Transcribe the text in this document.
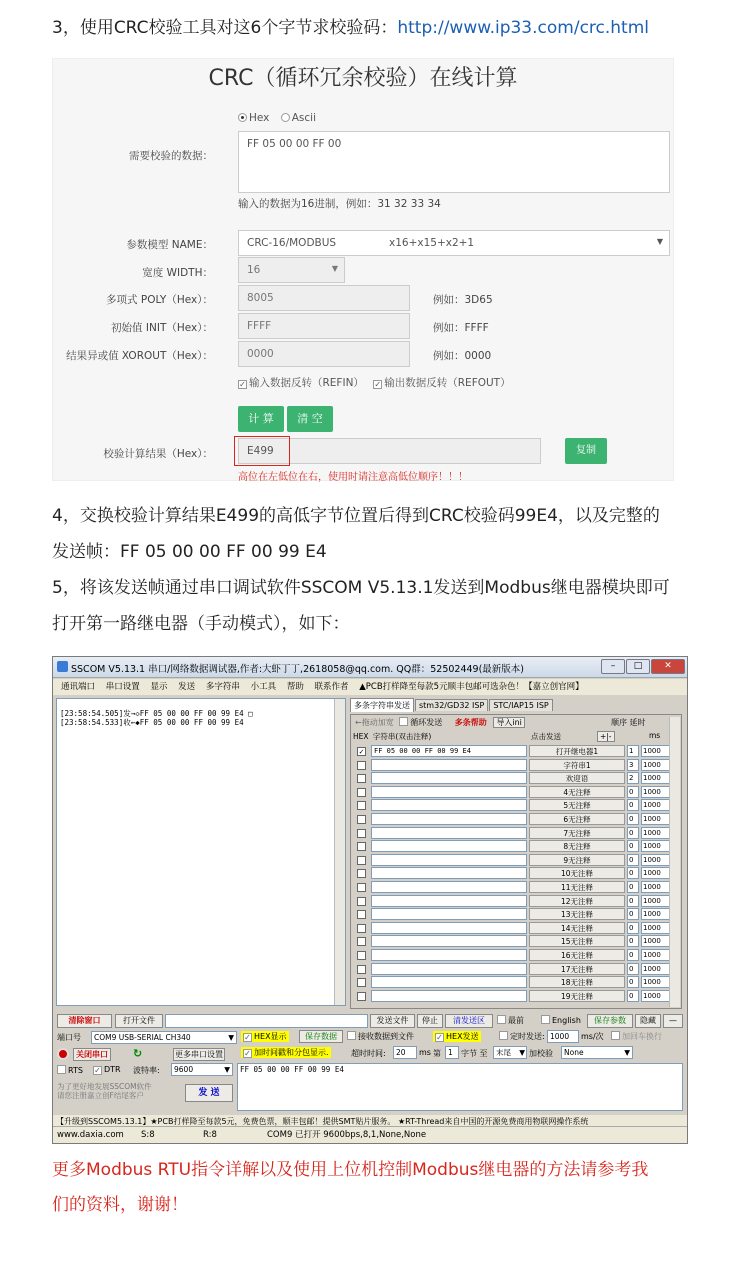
3，使用CRC校验工具对这6个字节求校验码：http://www.ip33.com/crc.html
CRC（循环冗余校验）在线计算
Hex Ascii
需要校验的数据：
FF 05 00 00 FF 00
输入的数据为16进制，例如：31 32 33 34
参数模型 NAME：	CRC-16/MODBUS	x16+x15+x2+1	▼
宽度 WIDTH：	16	▼
多项式 POLY（Hex）：	8005	例如：3D65
初始值 INIT（Hex）：	FFFF	例如：FFFF
结果异或值 XOROUT（Hex）：	0000	例如：0000
✓ 输入数据反转（REFIN） ✓ 输出数据反转（REFOUT）
计 算	清 空
校验计算结果（Hex）：	E499	复制
高位在左低位在右，使用时请注意高低位顺序！！！
4，交换校验计算结果E499的高低字节位置后得到CRC校验码99E4，以及完整的
发送帧：FF 05 00 00 FF 00 99 E4
5，将该发送帧通过串口调试软件SSCOM V5.13.1发送到Modbus继电器模块即可
打开第一路继电器（手动模式），如下：
SSCOM V5.13.1 串口/网络数据调试器,作者:大虾丁丁,2618058@qq.com. QQ群：52502449(最新版本)	–	□	✕
通讯端口 串口设置 显示 发送 多字符串 小工具 帮助 联系作者 ▲PCB打样降至每款5元顺丰包邮可选杂色！【嘉立创官网】
[23:58:54.505]发→◇FF 05 00 00 FF 00 99 E4 □
[23:58:54.533]收←◆FF 05 00 00 FF 00 99 E4
多条字符串发送 stm32/GD32 ISP STC/IAP15 ISP
←拖动加宽 循环发送 多条帮助 导入ini	顺序 延时
HEX 字符串(双击注释)	点击发送	+|-	ms
✓	FF 05 00 00 FF 00 99 E4	打开继电器1	1	1000
字符串1	3	1000
欢迎语	2	1000
4无注释	0	1000
5无注释	0	1000
6无注释	0	1000
7无注释	0	1000
8无注释	0	1000
9无注释	0	1000
10无注释	0	1000
11无注释	0	1000
12无注释	0	1000
13无注释	0	1000
14无注释	0	1000
15无注释	0	1000
16无注释	0	1000
17无注释	0	1000
18无注释	0	1000
19无注释	0	1000
清除窗口	打开文件	发送文件	停止	清发送区	最前	English	保存参数	隐藏	—
端口号	COM9 USB-SERIAL CH340	▼	✓ HEX显示	保存数据	接收数据到文件	✓ HEX发送	定时发送: 1000	ms/次	加回车换行
关闭串口 ↻	更多串口设置	✓ 加时间戳和分包显示.	超时时间:	20	ms 第 1	字节 至	末尾 ▼ 加校验	None	▼
RTS ✓ DTR 波特率:	9600	▼	FF 05 00 00 FF 00 99 E4
为了更好地发展SSCOM软件
请您注册嘉立创F结尾客户	发 送
【升级到SSCOM5.13.1】★PCB打样降至每款5元，免费色票，顺丰包邮！提供SMT贴片服务。 ★RT-Thread来自中国的开源免费商用物联网操作系统
www.daxia.com S:8	R:8	COM9 已打开 9600bps,8,1,None,None
更多Modbus RTU指令详解以及使用上位机控制Modbus继电器的方法请参考我
们的资料，谢谢！
